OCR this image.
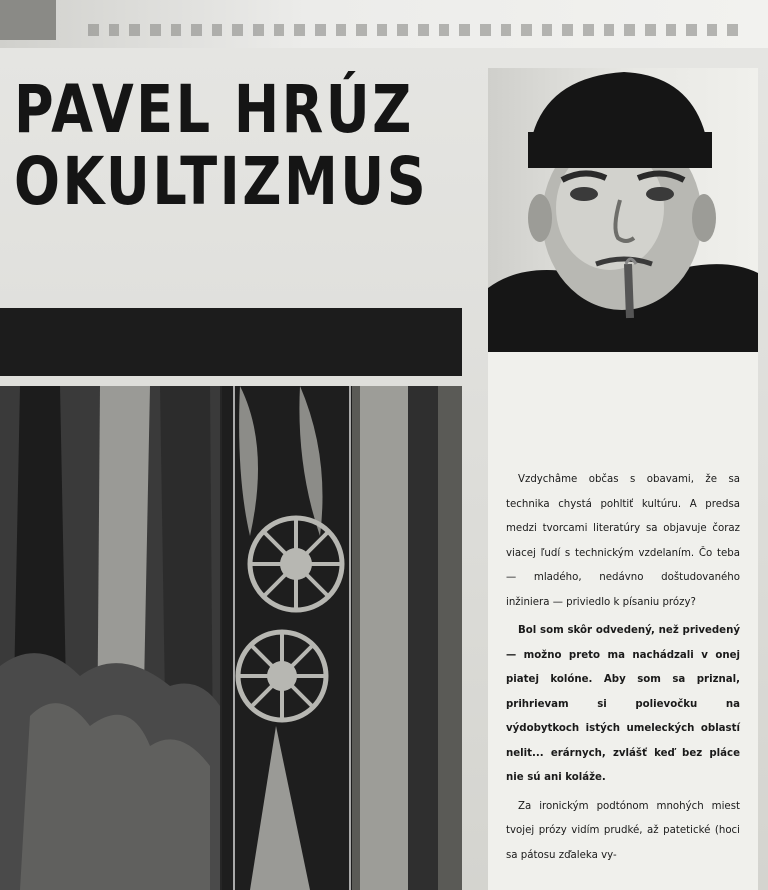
PAVEL HRÚZ
OKULTIZMUS

Vzdychâme občas s obavami, že sa technika chystá pohltiť kultúru. A predsa medzi tvorcami literatúry sa objavuje čoraz viacej ľudí s technickým vzdelaním. Čo teba — mladého, nedávno doštudovaného inžiniera — priviedlo k písaniu prózy?

Bol som skôr odvedený, než privedený — možno preto ma nachádzali v onej piatej kolóne. Aby som sa priznal, prihrievam si polievočku na výdobytkoch istých umeleckých oblastí nelit... erárnych, zvlášť keď bez pláce nie sú ani koláže.

Za ironickým podtónom mnohých miest tvojej prózy vidím prudké, až patetické (hoci sa pátosu zďaleka vy-
